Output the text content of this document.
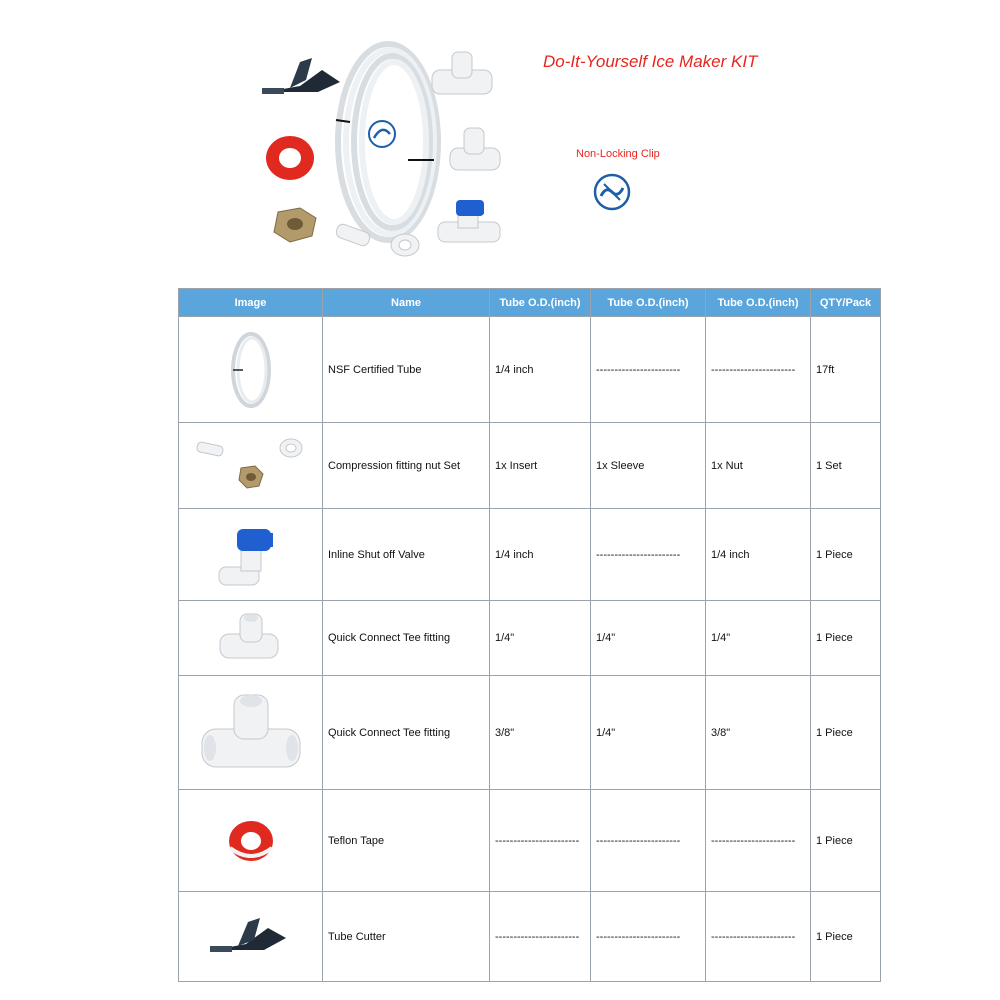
Do-It-Yourself Ice Maker KIT
Non-Locking Clip
Image	Name	Tube O.D.(inch)	Tube O.D.(inch)	Tube O.D.(inch)	QTY/Pack

	NSF Certified Tube	1/4 inch	-----------------------	-----------------------	17ft

	Compression fitting nut Set	1x Insert	1x Sleeve	1x Nut	1 Set

	Inline Shut off Valve	1/4 inch	-----------------------	1/4 inch	1 Piece

	Quick Connect Tee fitting	1/4"	1/4"	1/4"	1 Piece

	Quick Connect Tee fitting	3/8"	1/4"	3/8"	1 Piece

	Teflon Tape	-----------------------	-----------------------	-----------------------	1 Piece

	Tube Cutter	-----------------------	-----------------------	-----------------------	1 Piece
